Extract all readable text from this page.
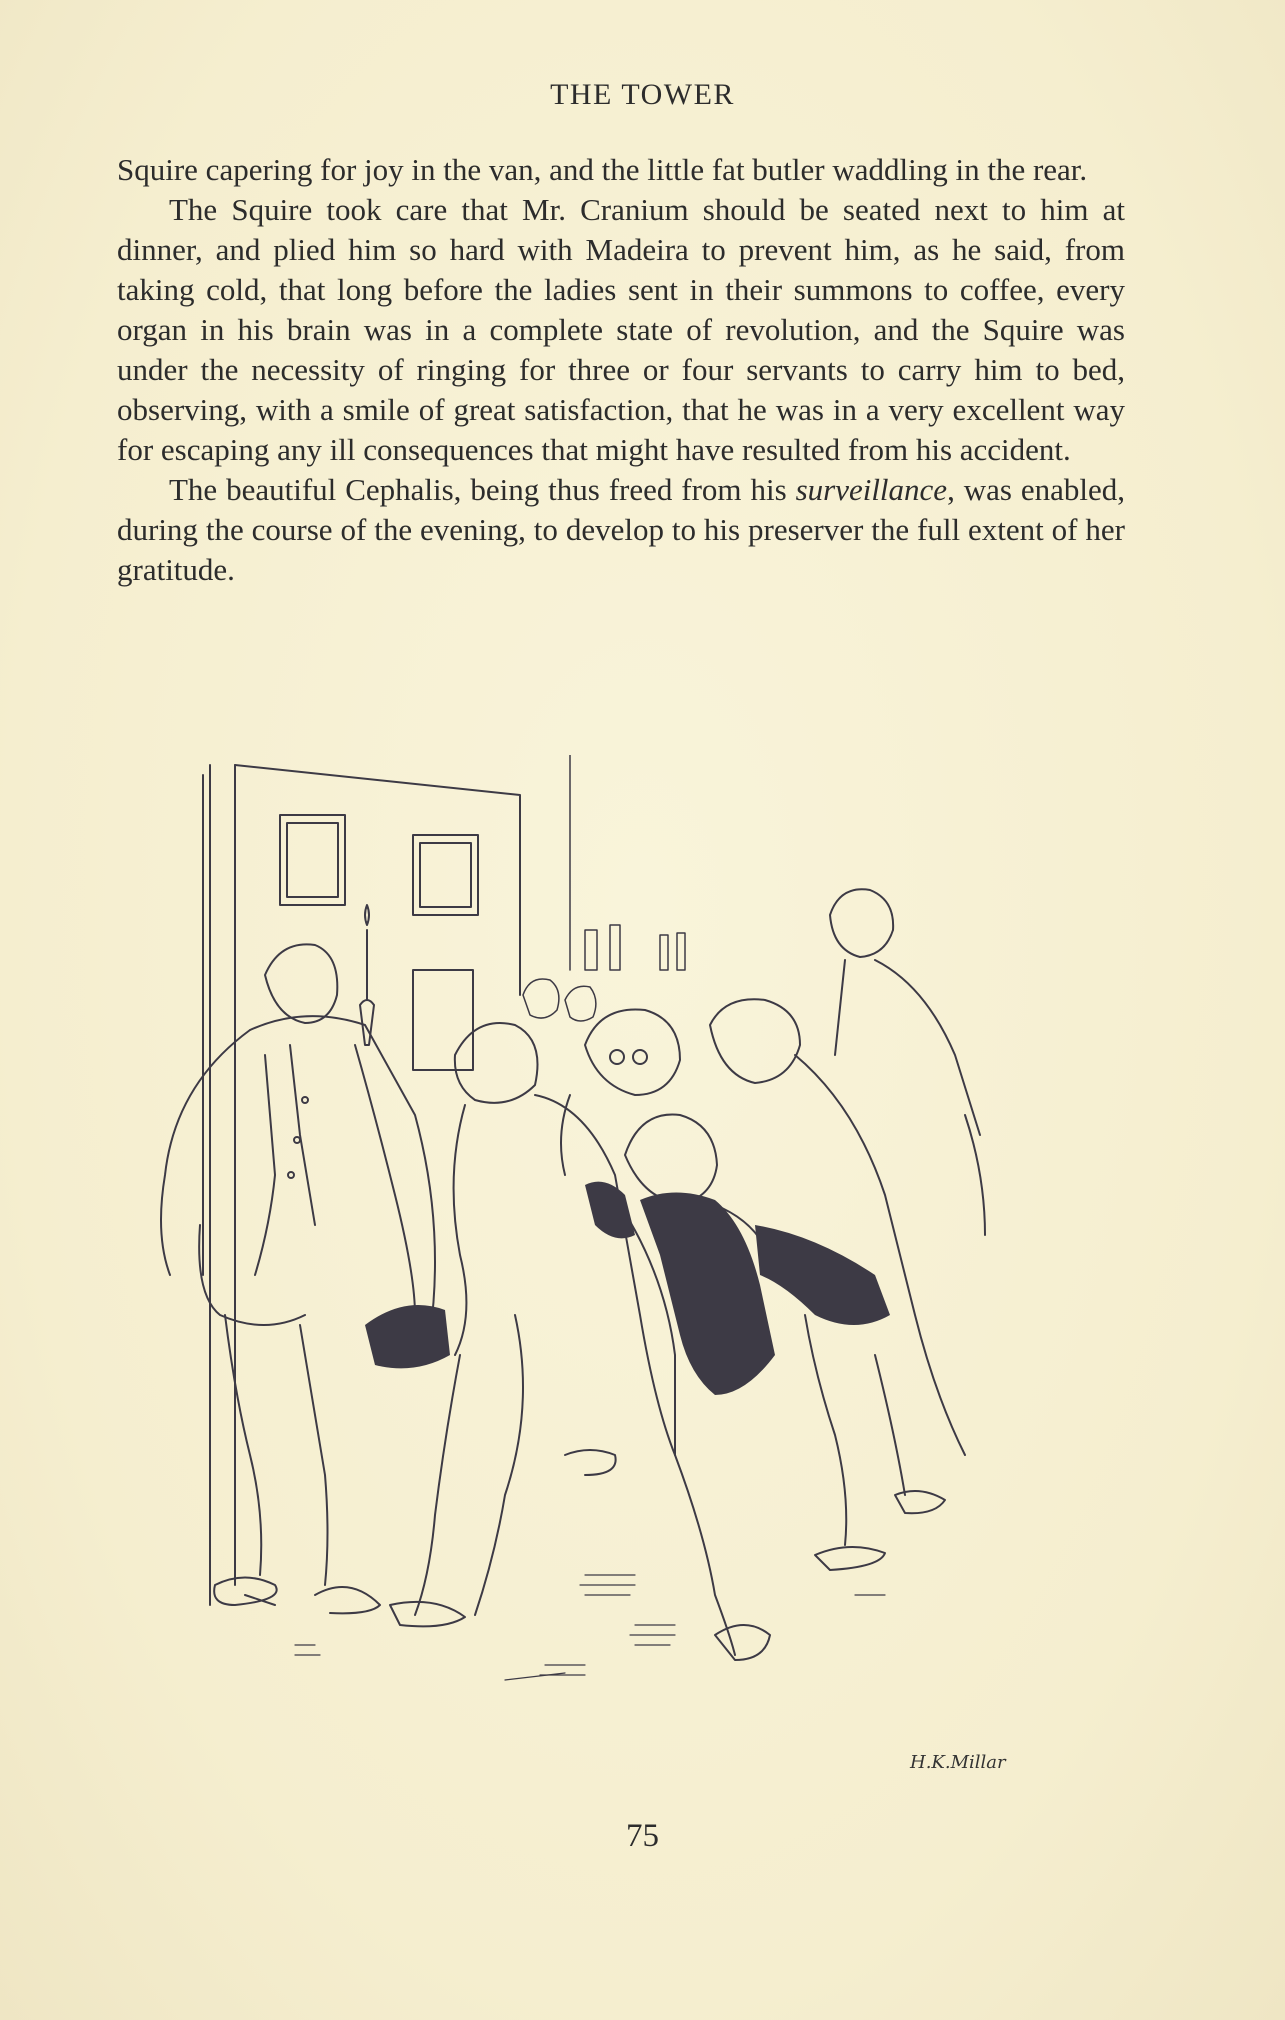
THE TOWER

Squire capering for joy in the van, and the little fat butler waddling in the rear.

The Squire took care that Mr. Cranium should be seated next to him at dinner, and plied him so hard with Madeira to prevent him, as he said, from taking cold, that long before the ladies sent in their summons to coffee, every organ in his brain was in a complete state of revolution, and the Squire was under the necessity of ringing for three or four servants to carry him to bed, observing, with a smile of great satisfaction, that he was in a very excellent way for escaping any ill consequences that might have resulted from his accident.

The beautiful Cephalis, being thus freed from his surveillance, was enabled, during the course of the evening, to develop to his preserver the full extent of her gratitude.

H.K.Millar
75
